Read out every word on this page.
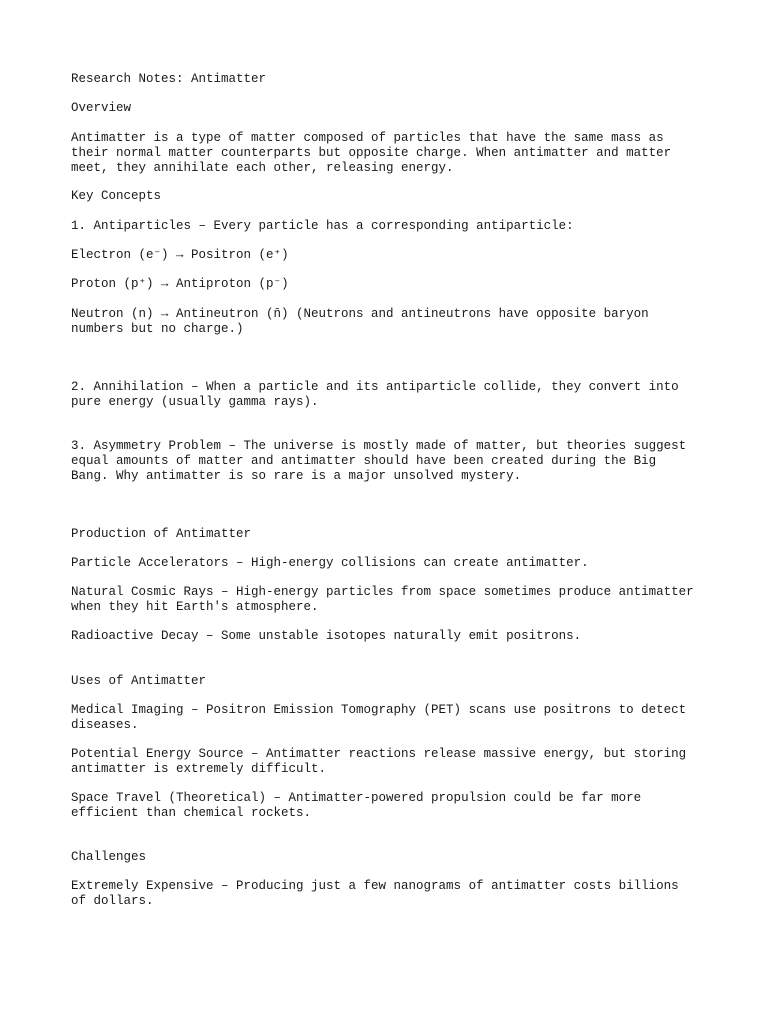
Research Notes: Antimatter

Overview

Antimatter is a type of matter composed of particles that have the same mass as
their normal matter counterparts but opposite charge. When antimatter and matter
meet, they annihilate each other, releasing energy.

Key Concepts

1. Antiparticles – Every particle has a corresponding antiparticle:

Electron (e⁻) → Positron (e⁺)

Proton (p⁺) → Antiproton (p⁻)

Neutron (n) → Antineutron (n̄) (Neutrons and antineutrons have opposite baryon
numbers but no charge.)

2. Annihilation – When a particle and its antiparticle collide, they convert into
pure energy (usually gamma rays).

3. Asymmetry Problem – The universe is mostly made of matter, but theories suggest
equal amounts of matter and antimatter should have been created during the Big
Bang. Why antimatter is so rare is a major unsolved mystery.

Production of Antimatter

Particle Accelerators – High-energy collisions can create antimatter.

Natural Cosmic Rays – High-energy particles from space sometimes produce antimatter
when they hit Earth's atmosphere.

Radioactive Decay – Some unstable isotopes naturally emit positrons.

Uses of Antimatter

Medical Imaging – Positron Emission Tomography (PET) scans use positrons to detect
diseases.

Potential Energy Source – Antimatter reactions release massive energy, but storing
antimatter is extremely difficult.

Space Travel (Theoretical) – Antimatter-powered propulsion could be far more
efficient than chemical rockets.

Challenges

Extremely Expensive – Producing just a few nanograms of antimatter costs billions
of dollars.
